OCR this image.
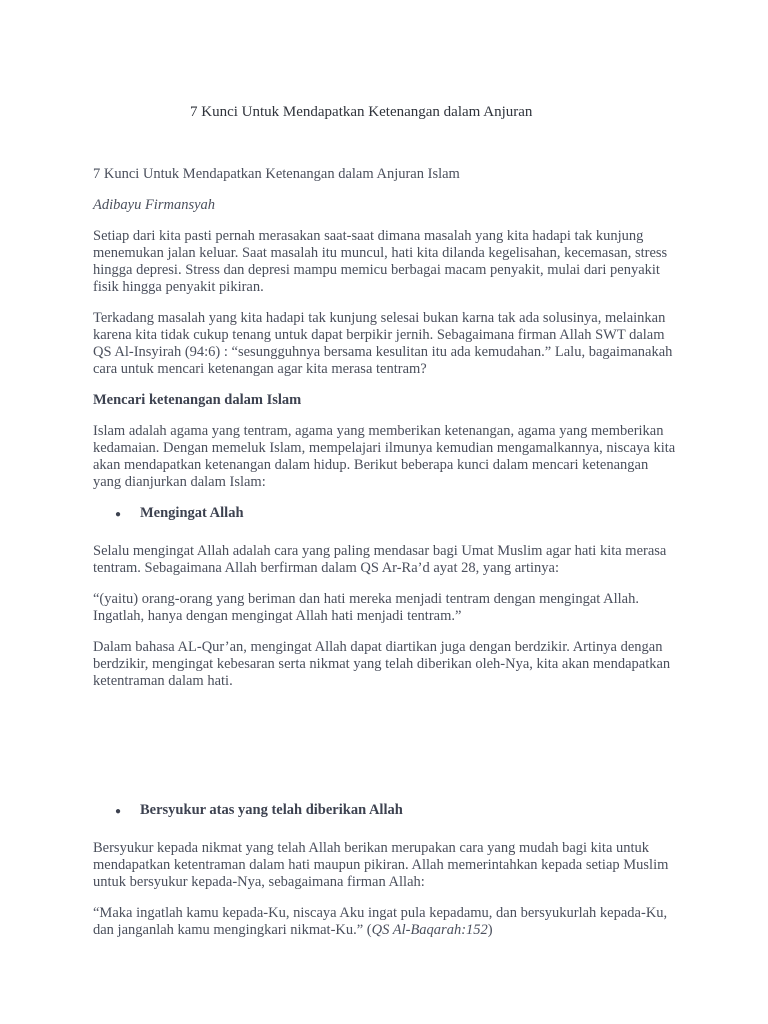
7 Kunci Untuk Mendapatkan Ketenangan dalam Anjuran

7 Kunci Untuk Mendapatkan Ketenangan dalam Anjuran Islam

Adibayu Firmansyah

Setiap dari kita pasti pernah merasakan saat-saat dimana masalah yang kita hadapi tak kunjung menemukan jalan keluar. Saat masalah itu muncul, hati kita dilanda kegelisahan, kecemasan, stress hingga depresi. Stress dan depresi mampu memicu berbagai macam penyakit, mulai dari penyakit fisik hingga penyakit pikiran.

Terkadang masalah yang kita hadapi tak kunjung selesai bukan karna tak ada solusinya, melainkan karena kita tidak cukup tenang untuk dapat berpikir jernih. Sebagaimana firman Allah SWT dalam QS Al-Insyirah (94:6) : “sesungguhnya bersama kesulitan itu ada kemudahan.” Lalu, bagaimanakah cara untuk mencari ketenangan agar kita merasa tentram?

Mencari ketenangan dalam Islam

Islam adalah agama yang tentram, agama yang memberikan ketenangan, agama yang memberikan kedamaian. Dengan memeluk Islam, mempelajari ilmunya kemudian mengamalkannya, niscaya kita akan mendapatkan ketenangan dalam hidup. Berikut beberapa kunci dalam mencari ketenangan yang dianjurkan dalam Islam:

●	Mengingat Allah

Selalu mengingat Allah adalah cara yang paling mendasar bagi Umat Muslim agar hati kita merasa tentram. Sebagaimana Allah berfirman dalam QS Ar-Ra’d ayat 28, yang artinya:

“(yaitu) orang-orang yang beriman dan hati mereka menjadi tentram dengan mengingat Allah. Ingatlah, hanya dengan mengingat Allah hati menjadi tentram.”

Dalam bahasa AL-Qur’an, mengingat Allah dapat diartikan juga dengan berdzikir. Artinya dengan berdzikir, mengingat kebesaran serta nikmat yang telah diberikan oleh-Nya, kita akan mendapatkan ketentraman dalam hati.

●	Bersyukur atas yang telah diberikan Allah

Bersyukur kepada nikmat yang telah Allah berikan merupakan cara yang mudah bagi kita untuk mendapatkan ketentraman dalam hati maupun pikiran. Allah memerintahkan kepada setiap Muslim untuk bersyukur kepada-Nya, sebagaimana firman Allah:

“Maka ingatlah kamu kepada-Ku, niscaya Aku ingat pula kepadamu, dan bersyukurlah kepada-Ku, dan janganlah kamu mengingkari nikmat-Ku.” (QS Al-Baqarah:152)
